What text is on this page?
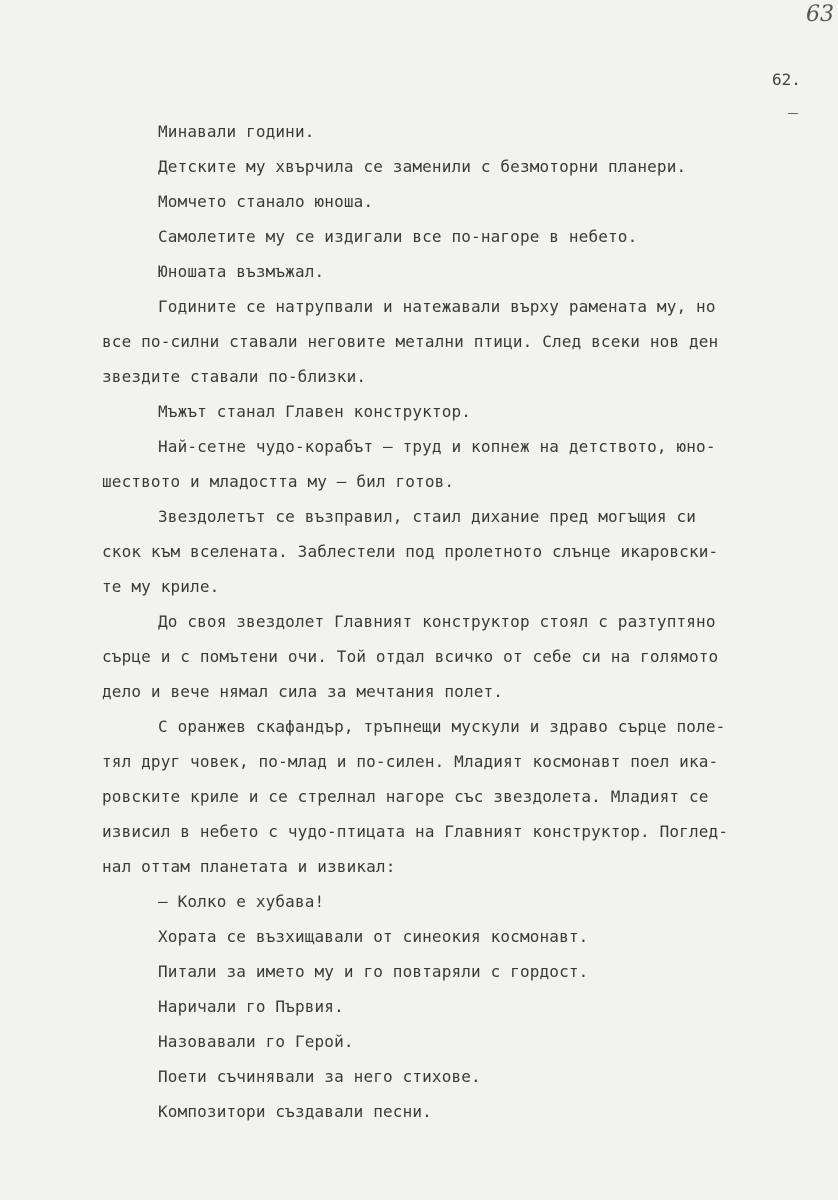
63
62.
Минавали години.
Детските му хвърчила се заменили с безмоторни планери.
Момчето станало юноша.
Самолетите му се издигали все по-нагоре в небето.
Юношата възмъжал.
Годините се натрупвали и натежавали върху рамената му, но
все по-силни ставали неговите метални птици. След всеки нов ден
звездите ставали по-близки.
Мъжът станал Главен конструктор.
Най-сетне чудо-корабът – труд и копнеж на детството, юно-
шеството и младостта му – бил готов.
Звездолетът се възправил, стаил дихание пред могъщия си
скок към вселената. Заблестели под пролетното слънце икаровски-
те му криле.
До своя звездолет Главният конструктор стоял с разтуптяно
сърце и с помътени очи. Той отдал всичко от себе си на голямото
дело и вече нямал сила за мечтания полет.
С оранжев скафандър, тръпнещи мускули и здраво сърце поле-
тял друг човек, по-млад и по-силен. Младият космонавт поел ика-
ровските криле и се стрелнал нагоре със звездолета. Младият се
извисил в небето с чудо-птицата на Главният конструктор. Поглед-
нал оттам планетата и извикал:
– Колко е хубава!
Хората се възхищавали от синеокия космонавт.
Питали за името му и го повтаряли с гордост.
Наричали го Първия.
Назовавали го Герой.
Поети съчинявали за него стихове.
Композитори създавали песни.
